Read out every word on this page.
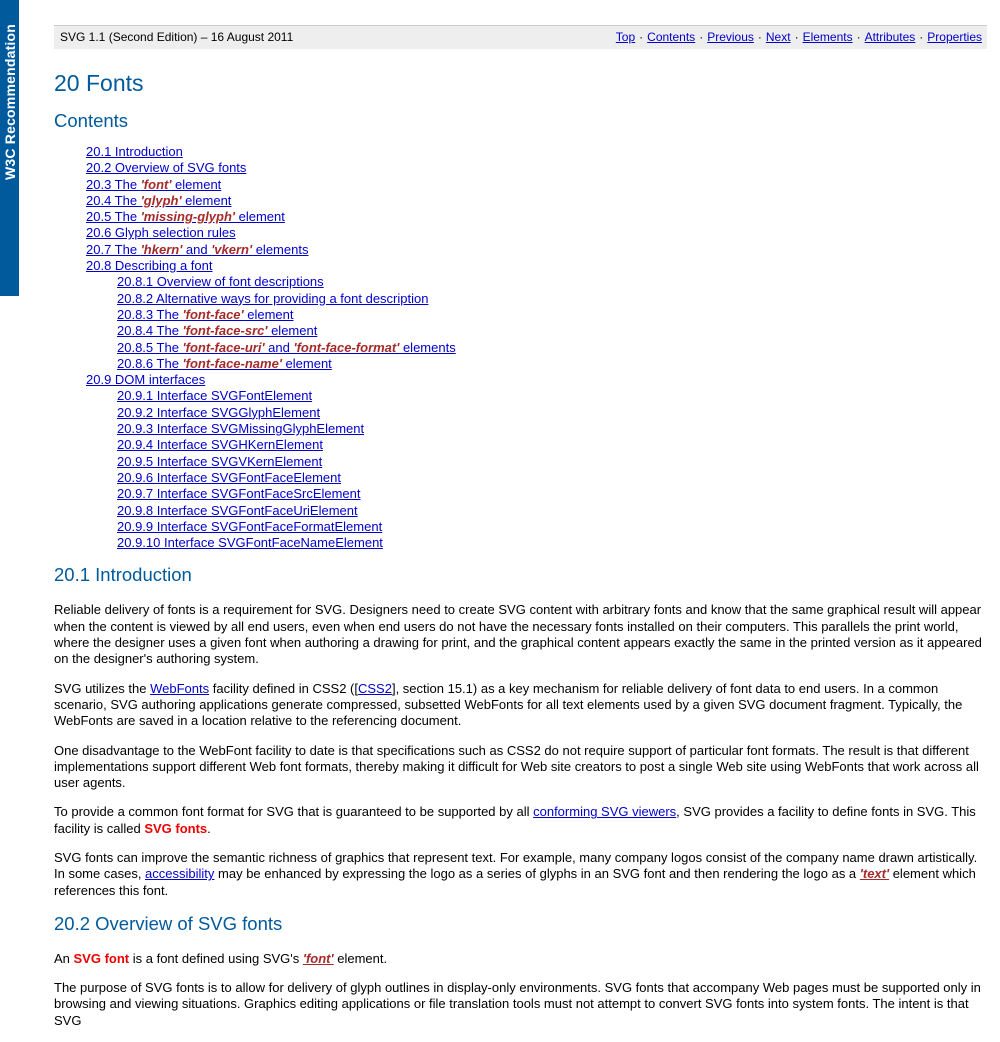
W3C Recommendation	SVG 1.1 (Second Edition) – 16 August 2011	Top · Contents · Previous · Next · Elements · Attributes · Properties
20 Fonts
Contents
20.1 Introduction
20.2 Overview of SVG fonts
20.3 The 'font' element
20.4 The 'glyph' element
20.5 The 'missing-glyph' element
20.6 Glyph selection rules
20.7 The 'hkern' and 'vkern' elements
20.8 Describing a font
20.8.1 Overview of font descriptions
20.8.2 Alternative ways for providing a font description
20.8.3 The 'font-face' element
20.8.4 The 'font-face-src' element
20.8.5 The 'font-face-uri' and 'font-face-format' elements
20.8.6 The 'font-face-name' element
20.9 DOM interfaces
20.9.1 Interface SVGFontElement
20.9.2 Interface SVGGlyphElement
20.9.3 Interface SVGMissingGlyphElement
20.9.4 Interface SVGHKernElement
20.9.5 Interface SVGVKernElement
20.9.6 Interface SVGFontFaceElement
20.9.7 Interface SVGFontFaceSrcElement
20.9.8 Interface SVGFontFaceUriElement
20.9.9 Interface SVGFontFaceFormatElement
20.9.10 Interface SVGFontFaceNameElement
20.1 Introduction

Reliable delivery of fonts is a requirement for SVG. Designers need to create SVG content with arbitrary fonts and know that the same graphical result will appear when the content is viewed by all end users, even when end users do not have the necessary fonts installed on their computers. This parallels the print world, where the designer uses a given font when authoring a drawing for print, and the graphical content appears exactly the same in the printed version as it appeared on the designer's authoring system.

SVG utilizes the WebFonts facility defined in CSS2 ([CSS2], section 15.1) as a key mechanism for reliable delivery of font data to end users. In a common scenario, SVG authoring applications generate compressed, subsetted WebFonts for all text elements used by a given SVG document fragment. Typically, the WebFonts are saved in a location relative to the referencing document.

One disadvantage to the WebFont facility to date is that specifications such as CSS2 do not require support of particular font formats. The result is that different implementations support different Web font formats, thereby making it difficult for Web site creators to post a single Web site using WebFonts that work across all user agents.

To provide a common font format for SVG that is guaranteed to be supported by all conforming SVG viewers, SVG provides a facility to define fonts in SVG. This facility is called SVG fonts.

SVG fonts can improve the semantic richness of graphics that represent text. For example, many company logos consist of the company name drawn artistically. In some cases, accessibility may be enhanced by expressing the logo as a series of glyphs in an SVG font and then rendering the logo as a 'text' element which references this font.

20.2 Overview of SVG fonts

An SVG font is a font defined using SVG's 'font' element.

The purpose of SVG fonts is to allow for delivery of glyph outlines in display-only environments. SVG fonts that accompany Web pages must be supported only in browsing and viewing situations. Graphics editing applications or file translation tools must not attempt to convert SVG fonts into system fonts. The intent is that SVG
